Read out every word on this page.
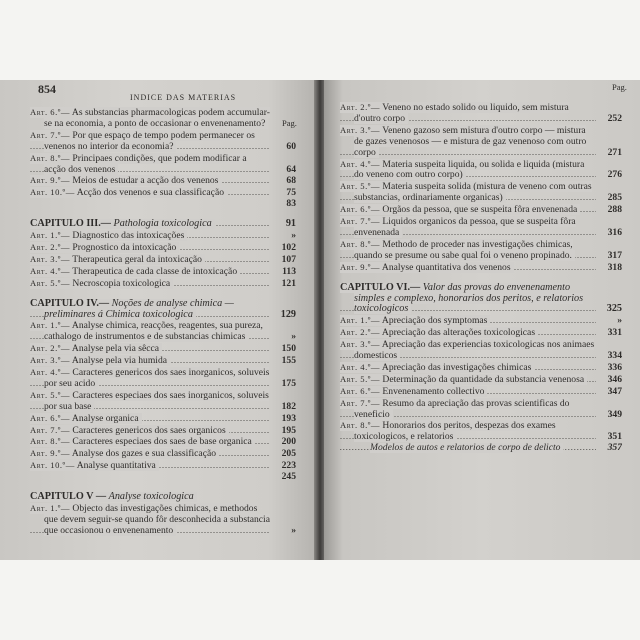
854
INDICE DAS MATERIAS
Pag.
Art. 6.º— As substancias pharmacologicas podem accumular-se na economia, a ponto de occasionar o envenenamento?
. . . Art. 7.º— Por que espaço de tempo podem permanecer os venenos no interior da economia?	60
. . . Art. 8.º— Principaes condições, que podem modificar a acção dos venenos	64
. . . Art. 9.º— Meios de estudar a acção dos venenos	68
. . . Art. 10.º— Acção dos venenos e sua classificação	75

83
. . . CAPITULO III.— Pathologia toxicologica	91
. . . Art. 1.º— Diagnostico das intoxicações	»
. . . Art. 2.º— Prognostico da intoxicação	102
. . . Art. 3.º— Therapeutica geral da intoxicação	107
. . . Art. 4.º— Therapeutica de cada classe de intoxicação	113
. . . Art. 5.º— Necroscopia toxicologica	121
. . . CAPITULO IV.— Noções de analyse chimica — preliminares á Chimica toxicologica	129
. . . Art. 1.º— Analyse chimica, reacções, reagentes, sua pureza, cathalogo de instrumentos e de substancias chimicas	»
. . . Art. 2.º— Analyse pela via sêcca	150
. . . Art. 3.º— Analyse pela via humida	155
. . . Art. 4.º— Caracteres genericos dos saes inorganicos, soluveis por seu acido	175
. . . Art. 5.º— Caracteres especiaes dos saes inorganicos, soluveis por sua base	182
. . . Art. 6.º— Analyse organica	193
. . . Art. 7.º— Caracteres genericos dos saes organicos	195
. . . Art. 8.º— Caracteres especiaes dos saes de base organica	200
. . . Art. 9.º— Analyse dos gazes e sua classificação	205
. . . Art. 10.º— Analyse quantitativa	223

245
CAPITULO V — Analyse toxicologica
. . . Art. 1.º— Objecto das investigações chimicas, e methodos que devem seguir-se quando fôr desconhecida a substancia que occasionou o envenenamento	»
Pag.
. . . Art. 2.º— Veneno no estado solido ou liquido, sem mistura d'outro corpo	252
. . . Art. 3.º— Veneno gazoso sem mistura d'outro corpo — mistura de gazes venenosos — e mistura de gaz venenoso com outro corpo	271
. . . Art. 4.º— Materia suspeita liquida, ou solida e liquida (mistura do veneno com outro corpo)	276
. . . Art. 5.º— Materia suspeita solida (mistura de veneno com outras substancias, ordinariamente organicas)	285
. . . Art. 6.º— Orgãos da pessoa, que se suspeita fôra envenenada	288
. . . Art. 7.º— Liquidos organicos da pessoa, que se suspeita fôra envenenada	316
. . . Art. 8.º— Methodo de proceder nas investigações chimicas, quando se presume ou sabe qual foi o veneno propinado.	317
. . . Art. 9.º— Analyse quantitativa dos venenos	318
. . . CAPITULO VI.— Valor das provas do envenenamento simples e complexo, honorarios dos peritos, e relatorios toxicologicos	325
. . . Art. 1.º— Apreciação dos symptomas	»
. . . Art. 2.º— Apreciação das alterações toxicologicas	331
. . . Art. 3.º— Apreciação das experiencias toxicologicas nos animaes domesticos	334
. . . Art. 4.º— Apreciação das investigações chimicas	336
. . . Art. 5.º— Determinação da quantidade da substancia venenosa 346
. . . Art. 6.º— Envenenamento collectivo	347
. . . Art. 7.º— Resumo da apreciação das provas scientificas do veneficio	349
. . . Art. 8.º— Honorarios dos peritos, despezas dos exames toxicologicos, e relatorios	351
. . . Modelos de autos e relatorios de corpo de delicto	357
